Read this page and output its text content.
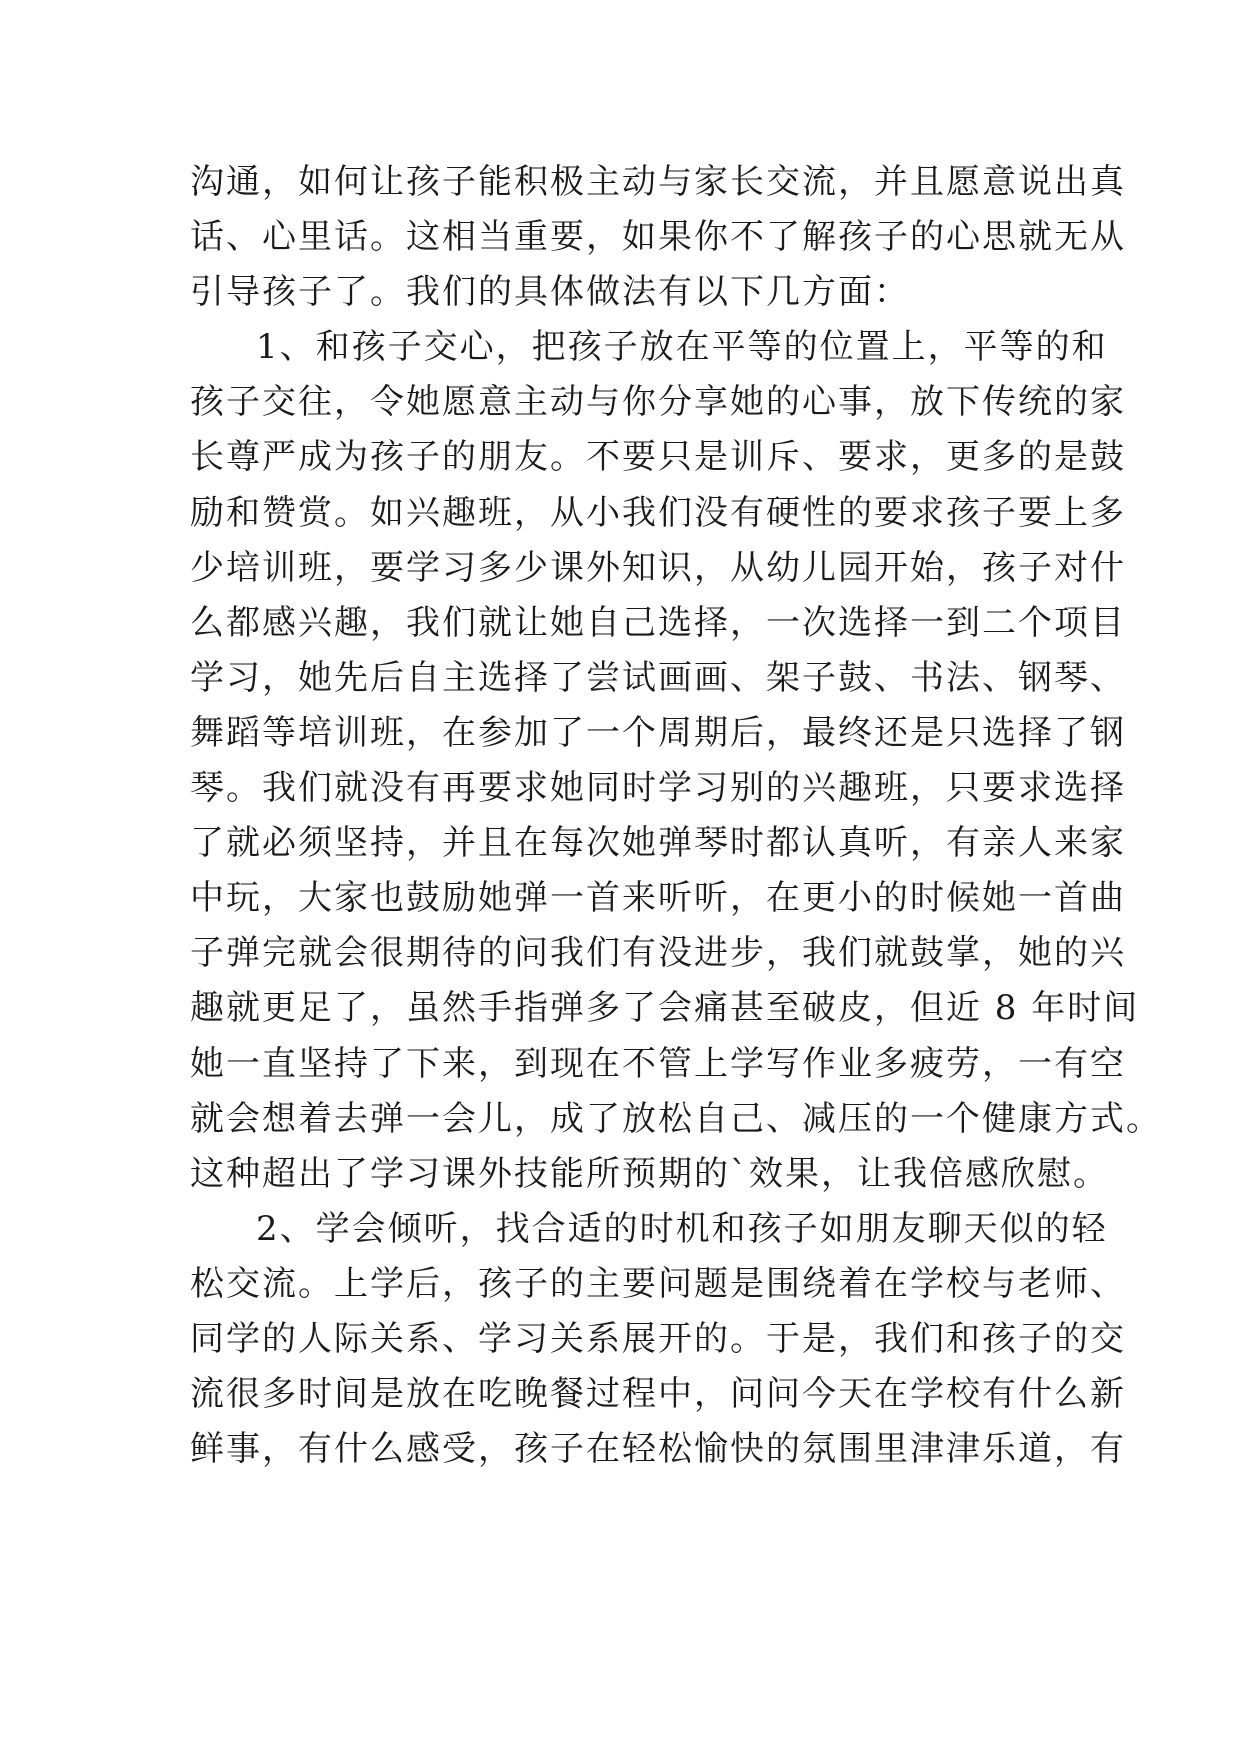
沟通，如何让孩子能积极主动与家长交流，并且愿意说出真
话、心里话。这相当重要，如果你不了解孩子的心思就无从
引导孩子了。我们的具体做法有以下几方面：
1、和孩子交心，把孩子放在平等的位置上，平等的和
孩子交往，令她愿意主动与你分享她的心事，放下传统的家
长尊严成为孩子的朋友。不要只是训斥、要求，更多的是鼓
励和赞赏。如兴趣班，从小我们没有硬性的要求孩子要上多
少培训班，要学习多少课外知识，从幼儿园开始，孩子对什
么都感兴趣，我们就让她自己选择，一次选择一到二个项目
学习，她先后自主选择了尝试画画、架子鼓、书法、钢琴、
舞蹈等培训班，在参加了一个周期后，最终还是只选择了钢
琴。我们就没有再要求她同时学习别的兴趣班，只要求选择
了就必须坚持，并且在每次她弹琴时都认真听，有亲人来家
中玩，大家也鼓励她弹一首来听听，在更小的时候她一首曲
子弹完就会很期待的问我们有没进步，我们就鼓掌，她的兴
趣就更足了，虽然手指弹多了会痛甚至破皮，但近 8 年时间
她一直坚持了下来，到现在不管上学写作业多疲劳，一有空
就会想着去弹一会儿，成了放松自己、减压的一个健康方式。
这种超出了学习课外技能所预期的`效果，让我倍感欣慰。
2、学会倾听，找合适的时机和孩子如朋友聊天似的轻
松交流。上学后，孩子的主要问题是围绕着在学校与老师、
同学的人际关系、学习关系展开的。于是，我们和孩子的交
流很多时间是放在吃晚餐过程中，问问今天在学校有什么新
鲜事，有什么感受，孩子在轻松愉快的氛围里津津乐道，有
